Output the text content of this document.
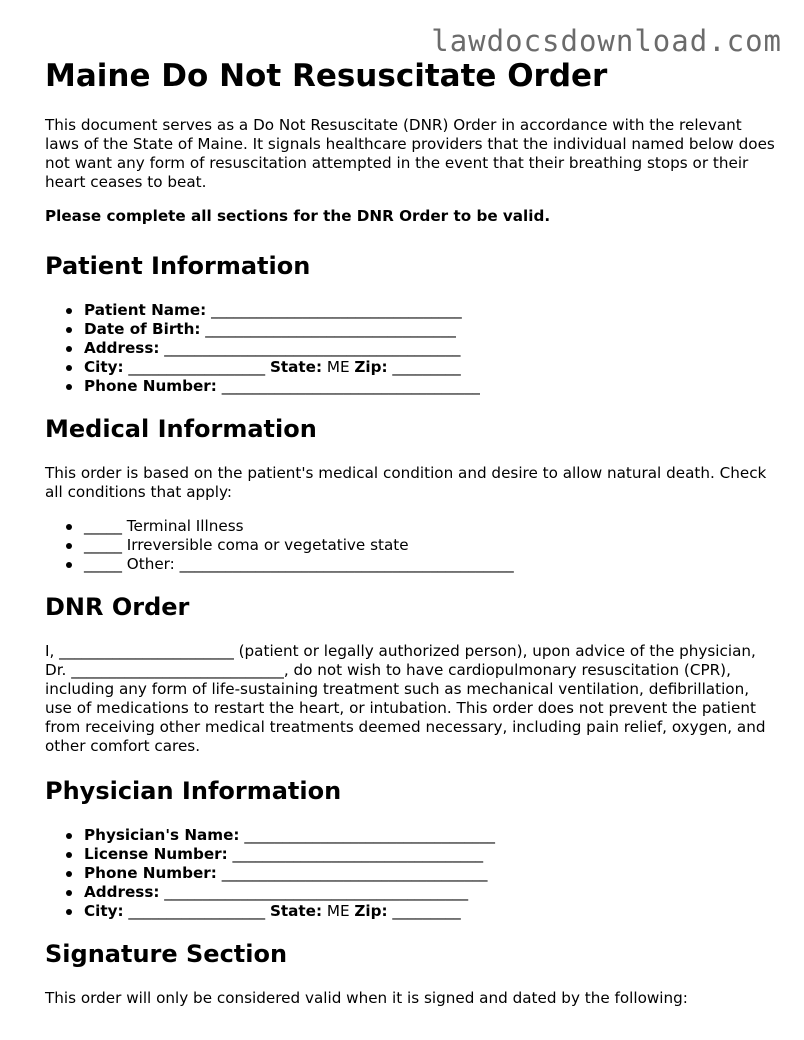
lawdocsdownload.com
Maine Do Not Resuscitate Order

This document serves as a Do Not Resuscitate (DNR) Order in accordance with the relevant laws of the State of Maine. It signals healthcare providers that the individual named below does not want any form of resuscitation attempted in the event that their breathing stops or their heart ceases to beat.

Please complete all sections for the DNR Order to be valid.

Patient Information
Patient Name: _________________________________
Date of Birth: _________________________________
Address: _______________________________________
City: __________________ State: ME Zip: _________
Phone Number: __________________________________
Medical Information

This order is based on the patient's medical condition and desire to allow natural death. Check all conditions that apply:

_____ Terminal Illness
_____ Irreversible coma or vegetative state
_____ Other: ____________________________________________
DNR Order

I, _______________________ (patient or legally authorized person), upon advice of the physician, Dr. ____________________________, do not wish to have cardiopulmonary resuscitation (CPR), including any form of life-sustaining treatment such as mechanical ventilation, defibrillation, use of medications to restart the heart, or intubation. This order does not prevent the patient from receiving other medical treatments deemed necessary, including pain relief, oxygen, and other comfort cares.

Physician Information
Physician's Name: _________________________________
License Number: _________________________________
Phone Number: ___________________________________
Address: ________________________________________
City: __________________ State: ME Zip: _________
Signature Section

This order will only be considered valid when it is signed and dated by the following:
